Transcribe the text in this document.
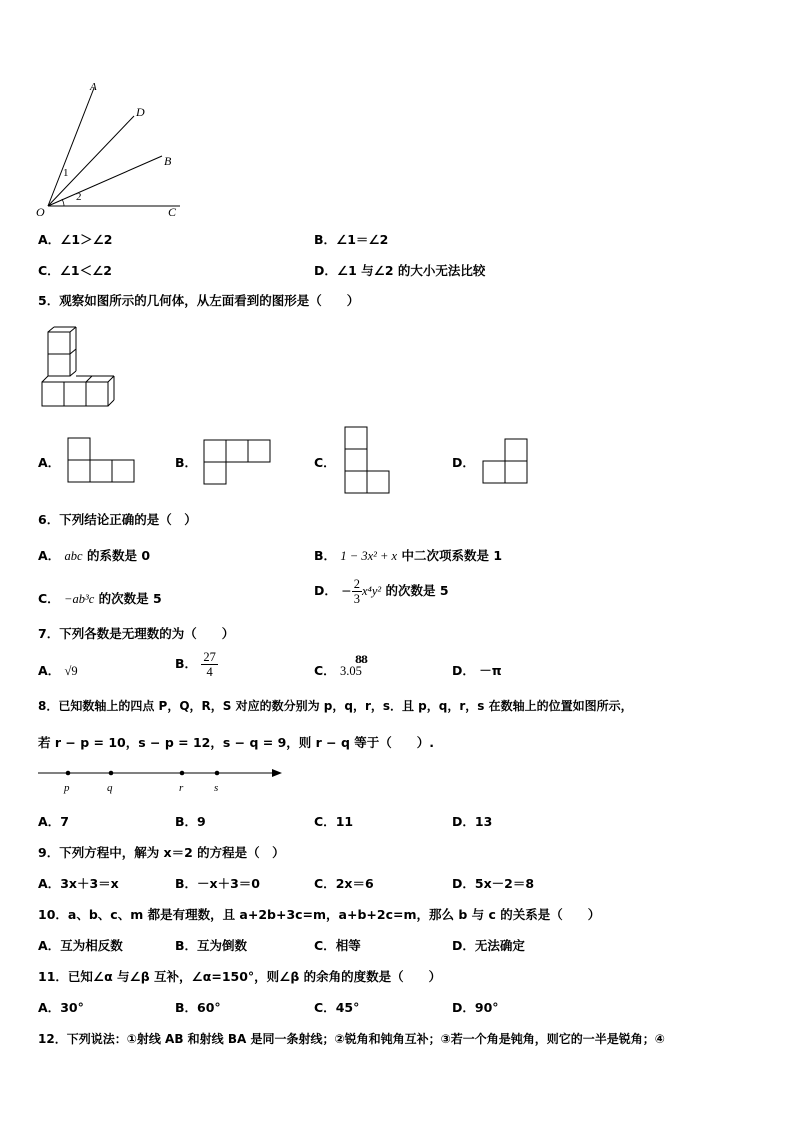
A
D
B
O	C
1
2
A．∠1＞∠2	B．∠1＝∠2
C．∠1＜∠2	D．∠1 与∠2 的大小无法比较
5．观察如图所示的几何体，从左面看到的图形是（　　）
A．	B．	C．	D．
6．下列结论正确的是（　）
A． abc 的系数是 0	B． 1 − 3x² + x 中二次项系数是 1
C． −ab³c 的次数是 5
D． − $\frac{2}{3} x^4y^2$ 的次数是 5
7．下列各数是无理数的为（　　）
A． √9	B． $\frac{27}{4}$	C． 3.05
88
D． －π
8．已知数轴上的四点 P，Q，R，S 对应的数分别为 p，q，r，s．且 p，q，r，s 在数轴上的位置如图所示，
若 r − p = 10，s − p = 12，s − q = 9，则 r − q 等于（　　）.
p	q	r	s
A．7	B．9	C．11	D．13
9．下列方程中，解为 x＝2 的方程是（　）
A．3x＋3＝x	B．－x＋3＝0	C．2x＝6	D．5x－2＝8
10．a、b、c、m 都是有理数，且 a+2b+3c=m，a+b+2c=m，那么 b 与 c 的关系是（　　）
A．互为相反数	B．互为倒数	C．相等	D．无法确定
11．已知∠α 与∠β 互补，∠α=150°，则∠β 的余角的度数是（　　）
A．30°	B．60°	C．45°	D．90°
12．下列说法：①射线 AB 和射线 BA 是同一条射线；②锐角和钝角互补；③若一个角是钝角，则它的一半是锐角；④
